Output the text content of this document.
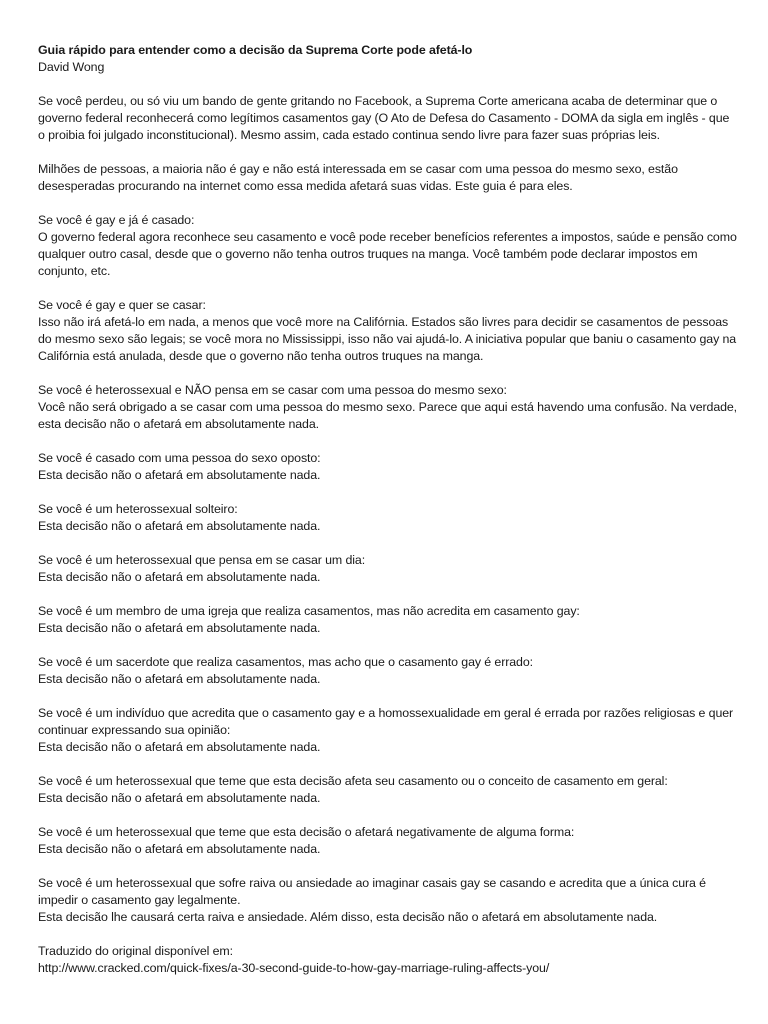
Guia rápido para entender como a decisão da Suprema Corte pode afetá-lo

David Wong

Se você perdeu, ou só viu um bando de gente gritando no Facebook, a Suprema Corte americana acaba de determinar que o governo federal reconhecerá como legítimos casamentos gay (O Ato de Defesa do Casamento - DOMA da sigla em inglês - que o proibia foi julgado inconstitucional). Mesmo assim, cada estado continua sendo livre para fazer suas próprias leis.

Milhões de pessoas, a maioria não é gay e não está interessada em se casar com uma pessoa do mesmo sexo, estão desesperadas procurando na internet como essa medida afetará suas vidas. Este guia é para eles.

Se você é gay e já é casado:
O governo federal agora reconhece seu casamento e você pode receber benefícios referentes a impostos, saúde e pensão como qualquer outro casal, desde que o governo não tenha outros truques na manga. Você também pode declarar impostos em conjunto, etc.
Se você é gay e quer se casar:
Isso não irá afetá-lo em nada, a menos que você more na Califórnia. Estados são livres para decidir se casamentos de pessoas do mesmo sexo são legais; se você mora no Mississippi, isso não vai ajudá-lo. A iniciativa popular que baniu o casamento gay na Califórnia está anulada, desde que o governo não tenha outros truques na manga.
Se você é heterossexual e NÃO pensa em se casar com uma pessoa do mesmo sexo:
Você não será obrigado a se casar com uma pessoa do mesmo sexo. Parece que aqui está havendo uma confusão. Na verdade, esta decisão não o afetará em absolutamente nada.
Se você é casado com uma pessoa do sexo oposto:
Esta decisão não o afetará em absolutamente nada.
Se você é um heterossexual solteiro:
Esta decisão não o afetará em absolutamente nada.
Se você é um heterossexual que pensa em se casar um dia:
Esta decisão não o afetará em absolutamente nada.
Se você é um membro de uma igreja que realiza casamentos, mas não acredita em casamento gay:
Esta decisão não o afetará em absolutamente nada.
Se você é um sacerdote que realiza casamentos, mas acho que o casamento gay é errado:
Esta decisão não o afetará em absolutamente nada.
Se você é um indivíduo que acredita que o casamento gay e a homossexualidade em geral é errada por razões religiosas e quer continuar expressando sua opinião:
Esta decisão não o afetará em absolutamente nada.
Se você é um heterossexual que teme que esta decisão afeta seu casamento ou o conceito de casamento em geral:
Esta decisão não o afetará em absolutamente nada.
Se você é um heterossexual que teme que esta decisão o afetará negativamente de alguma forma:
Esta decisão não o afetará em absolutamente nada.
Se você é um heterossexual que sofre raiva ou ansiedade ao imaginar casais gay se casando e acredita que a única cura é impedir o casamento gay legalmente.
Esta decisão lhe causará certa raiva e ansiedade. Além disso, esta decisão não o afetará em absolutamente nada.
Traduzido do original disponível em:
http://www.cracked.com/quick-fixes/a-30-second-guide-to-how-gay-marriage-ruling-affects-you/
